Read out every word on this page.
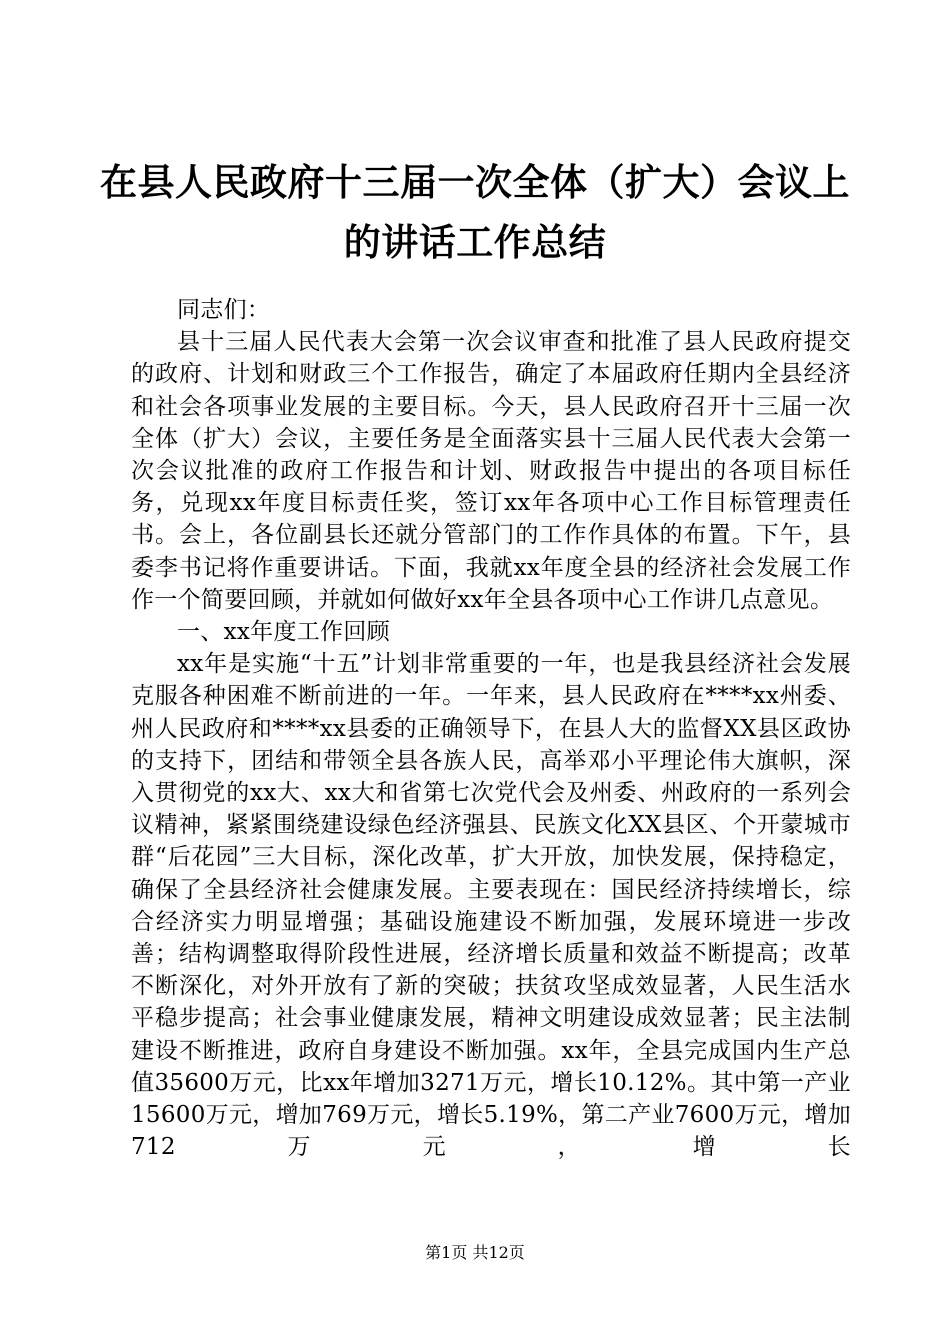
在县人民政府十三届一次全体（扩大）会议上
的讲话工作总结

同志们：

县十三届人民代表大会第一次会议审查和批准了县人民政府提交的政府、计划和财政三个工作报告，确定了本届政府任期内全县经济和社会各项事业发展的主要目标。今天，县人民政府召开十三届一次全体（扩大）会议，主要任务是全面落实县十三届人民代表大会第一次会议批准的政府工作报告和计划、财政报告中提出的各项目标任务，兑现xx年度目标责任奖，签订xx年各项中心工作目标管理责任书。会上，各位副县长还就分管部门的工作作具体的布置。下午，县委李书记将作重要讲话。下面，我就xx年度全县的经济社会发展工作作一个简要回顾，并就如何做好xx年全县各项中心工作讲几点意见。

一、xx年度工作回顾

xx年是实施“十五”计划非常重要的一年，也是我县经济社会发展克服各种困难不断前进的一年。一年来，县人民政府在****xx州委、州人民政府和****xx县委的正确领导下，在县人大的监督XX县区政协的支持下，团结和带领全县各族人民，高举邓小平理论伟大旗帜，深入贯彻党的xx大、xx大和省第七次党代会及州委、州政府的一系列会议精神，紧紧围绕建设绿色经济强县、民族文化XX县区、个开蒙城市群“后花园”三大目标，深化改革，扩大开放，加快发展，保持稳定，确保了全县经济社会健康发展。主要表现在：国民经济持续增长，综合经济实力明显增强；基础设施建设不断加强，发展环境进一步改善；结构调整取得阶段性进展，经济增长质量和效益不断提高；改革不断深化，对外开放有了新的突破；扶贫攻坚成效显著，人民生活水平稳步提高；社会事业健康发展，精神文明建设成效显著；民主法制建设不断推进，政府自身建设不断加强。xx年，全县完成国内生产总值35600万元，比xx年增加3271万元，增长10.12%。其中第一产业15600万元，增加769万元，增长5.19%，第二产业7600万元，增加712万元，增长

第1页 共12页
